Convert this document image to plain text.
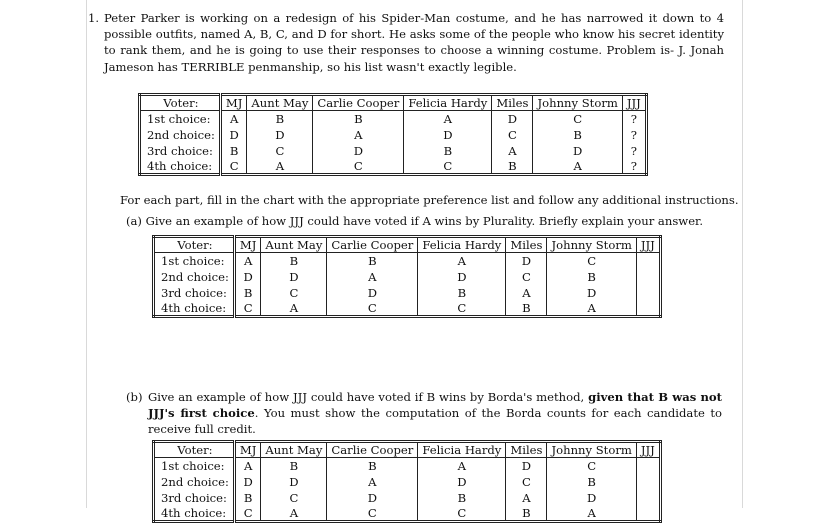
1. Peter Parker is working on a redesign of his Spider-Man costume, and he has narrowed it down to 4 possible outfits, named A, B, C, and D for short. He asks some of the people who know his secret identity to rank them, and he is going to use their responses to choose a winning costume. Problem is- J. Jonah Jameson has TERRIBLE penmanship, so his list wasn't exactly legible.
Voter:	MJ	Aunt May	Carlie Cooper	Felicia Hardy	Miles	Johnny Storm	JJJ
1st choice:	A	B	B	A	D	C	?
2nd choice:	D	D	A	D	C	B	?
3rd choice:	B	C	D	B	A	D	?
4th choice:	C	A	C	C	B	A	?
For each part, fill in the chart with the appropriate preference list and follow any additional instructions.
(a) Give an example of how JJJ could have voted if A wins by Plurality. Briefly explain your answer.
Voter:	MJ	Aunt May	Carlie Cooper	Felicia Hardy	Miles	Johnny Storm	JJJ
1st choice:	A	B	B	A	D	C	
2nd choice:	D	D	A	D	C	B	
3rd choice:	B	C	D	B	A	D	
4th choice:	C	A	C	C	B	A	
(b) Give an example of how JJJ could have voted if B wins by Borda's method, given that B was not JJJ's first choice. You must show the computation of the Borda counts for each candidate to receive full credit.
Voter:	MJ	Aunt May	Carlie Cooper	Felicia Hardy	Miles	Johnny Storm	JJJ
1st choice:	A	B	B	A	D	C	
2nd choice:	D	D	A	D	C	B	
3rd choice:	B	C	D	B	A	D	
4th choice:	C	A	C	C	B	A	
